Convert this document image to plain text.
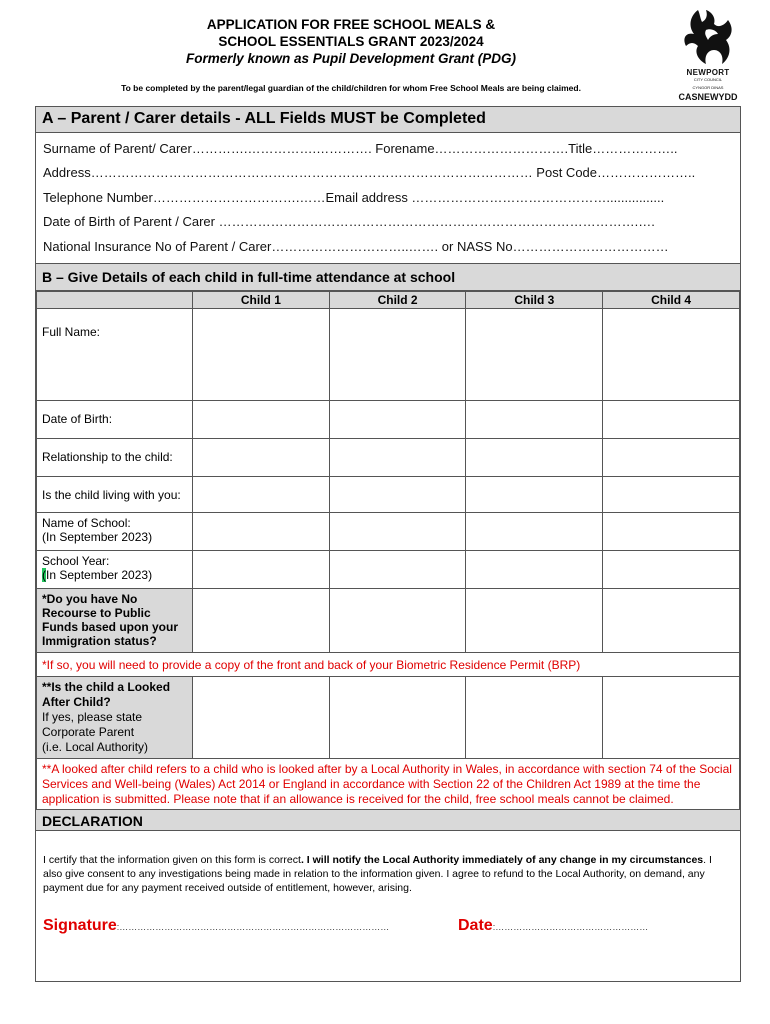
APPLICATION FOR FREE SCHOOL MEALS &
SCHOOL ESSENTIALS GRANT 2023/2024
Formerly known as Pupil Development Grant (PDG)
To be completed by the parent/legal guardian of the child/children for whom Free School Meals are being claimed.
NEWPORT
CITY COUNCIL
CYNGOR DINAS
CASNEWYDD
A – Parent / Carer details - ALL Fields MUST be Completed
Surname of Parent/ Carer………….…………….…………. Forename………………………….Title………………..
Address………………………………………………………………………………………… Post Code…………………..
Telephone Number…………………………….……Email address ………………………………………................
Date of Birth of Parent / Carer …………………………………………………………………………………….….
National Insurance No of Parent / Carer…………………………..……. or NASS No………………………………
B – Give Details of each child in full-time attendance at school
	Child 1	Child 2	Child 3	Child 4
Full Name:				
Date of Birth:				
Relationship to the child:				
Is the child living with you:				

Name of School:
(In September 2023)				

School Year:
(In September 2023)				

*Do you have No Recourse to Public Funds based upon your Immigration status?				
*If so, you will need to provide a copy of the front and back of your Biometric Residence Permit (BRP)				

**Is the child a Looked After Child?
If yes, please state
Corporate Parent
(i.e. Local Authority)				

**A looked after child refers to a child who is looked after by a Local Authority in Wales, in accordance with section 74 of the Social Services and Well-being (Wales) Act 2014 or England in accordance with Section 22 of the Children Act 1989 at the time the application is submitted. Please note that if an allowance is received for the child, free school meals cannot be claimed.				
DECLARATION
I certify that the information given on this form is correct. I will notify the Local Authority immediately of any change in my circumstances. I also give consent to any investigations being made in relation to the information given. I agree to refund to the Local Authority, on demand, any payment due for any payment received outside of entitlement, however, arising.
Signature:………………………………………………………………………………	Date:……………………………………………
